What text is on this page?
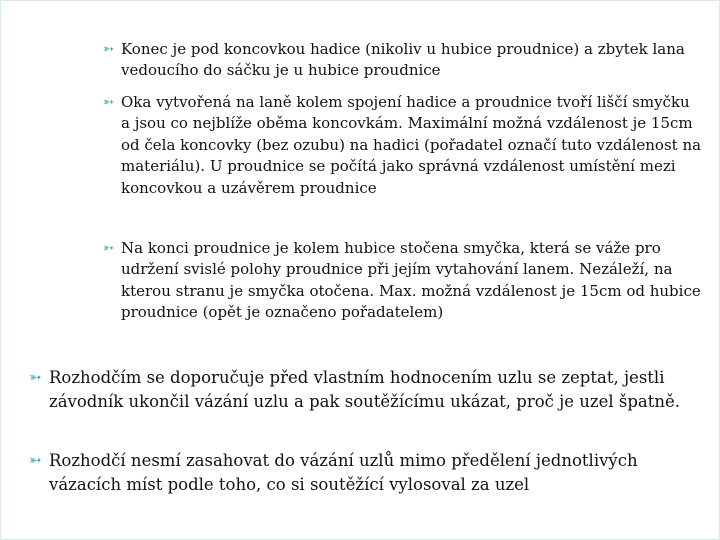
➳ Konec je pod koncovkou hadice (nikoliv u hubice proudnice) a zbytek lana vedoucího do sáčku je u hubice proudnice
➳ Oka vytvořená na laně kolem spojení hadice a proudnice tvoří liščí smyčku a jsou co nejblíže oběma koncovkám. Maximální možná vzdálenost je 15cm od čela koncovky (bez ozubu) na hadici (pořadatel označí tuto vzdálenost na materiálu). U proudnice se počítá jako správná vzdálenost umístění mezi koncovkou a uzávěrem proudnice
➳ Na konci proudnice je kolem hubice stočena smyčka, která se váže pro udržení svislé polohy proudnice při jejím vytahování lanem. Nezáleží, na kterou stranu je smyčka otočena. Max. možná vzdálenost je 15cm od hubice proudnice (opět je označeno pořadatelem)
➳ Rozhodčím se doporučuje před vlastním hodnocením uzlu se zeptat, jestli závodník ukončil vázání uzlu a pak soutěžícímu ukázat, proč je uzel špatně.
➳ Rozhodčí nesmí zasahovat do vázání uzlů mimo předělení jednotlivých vázacích míst podle toho, co si soutěžící vylosoval za uzel
